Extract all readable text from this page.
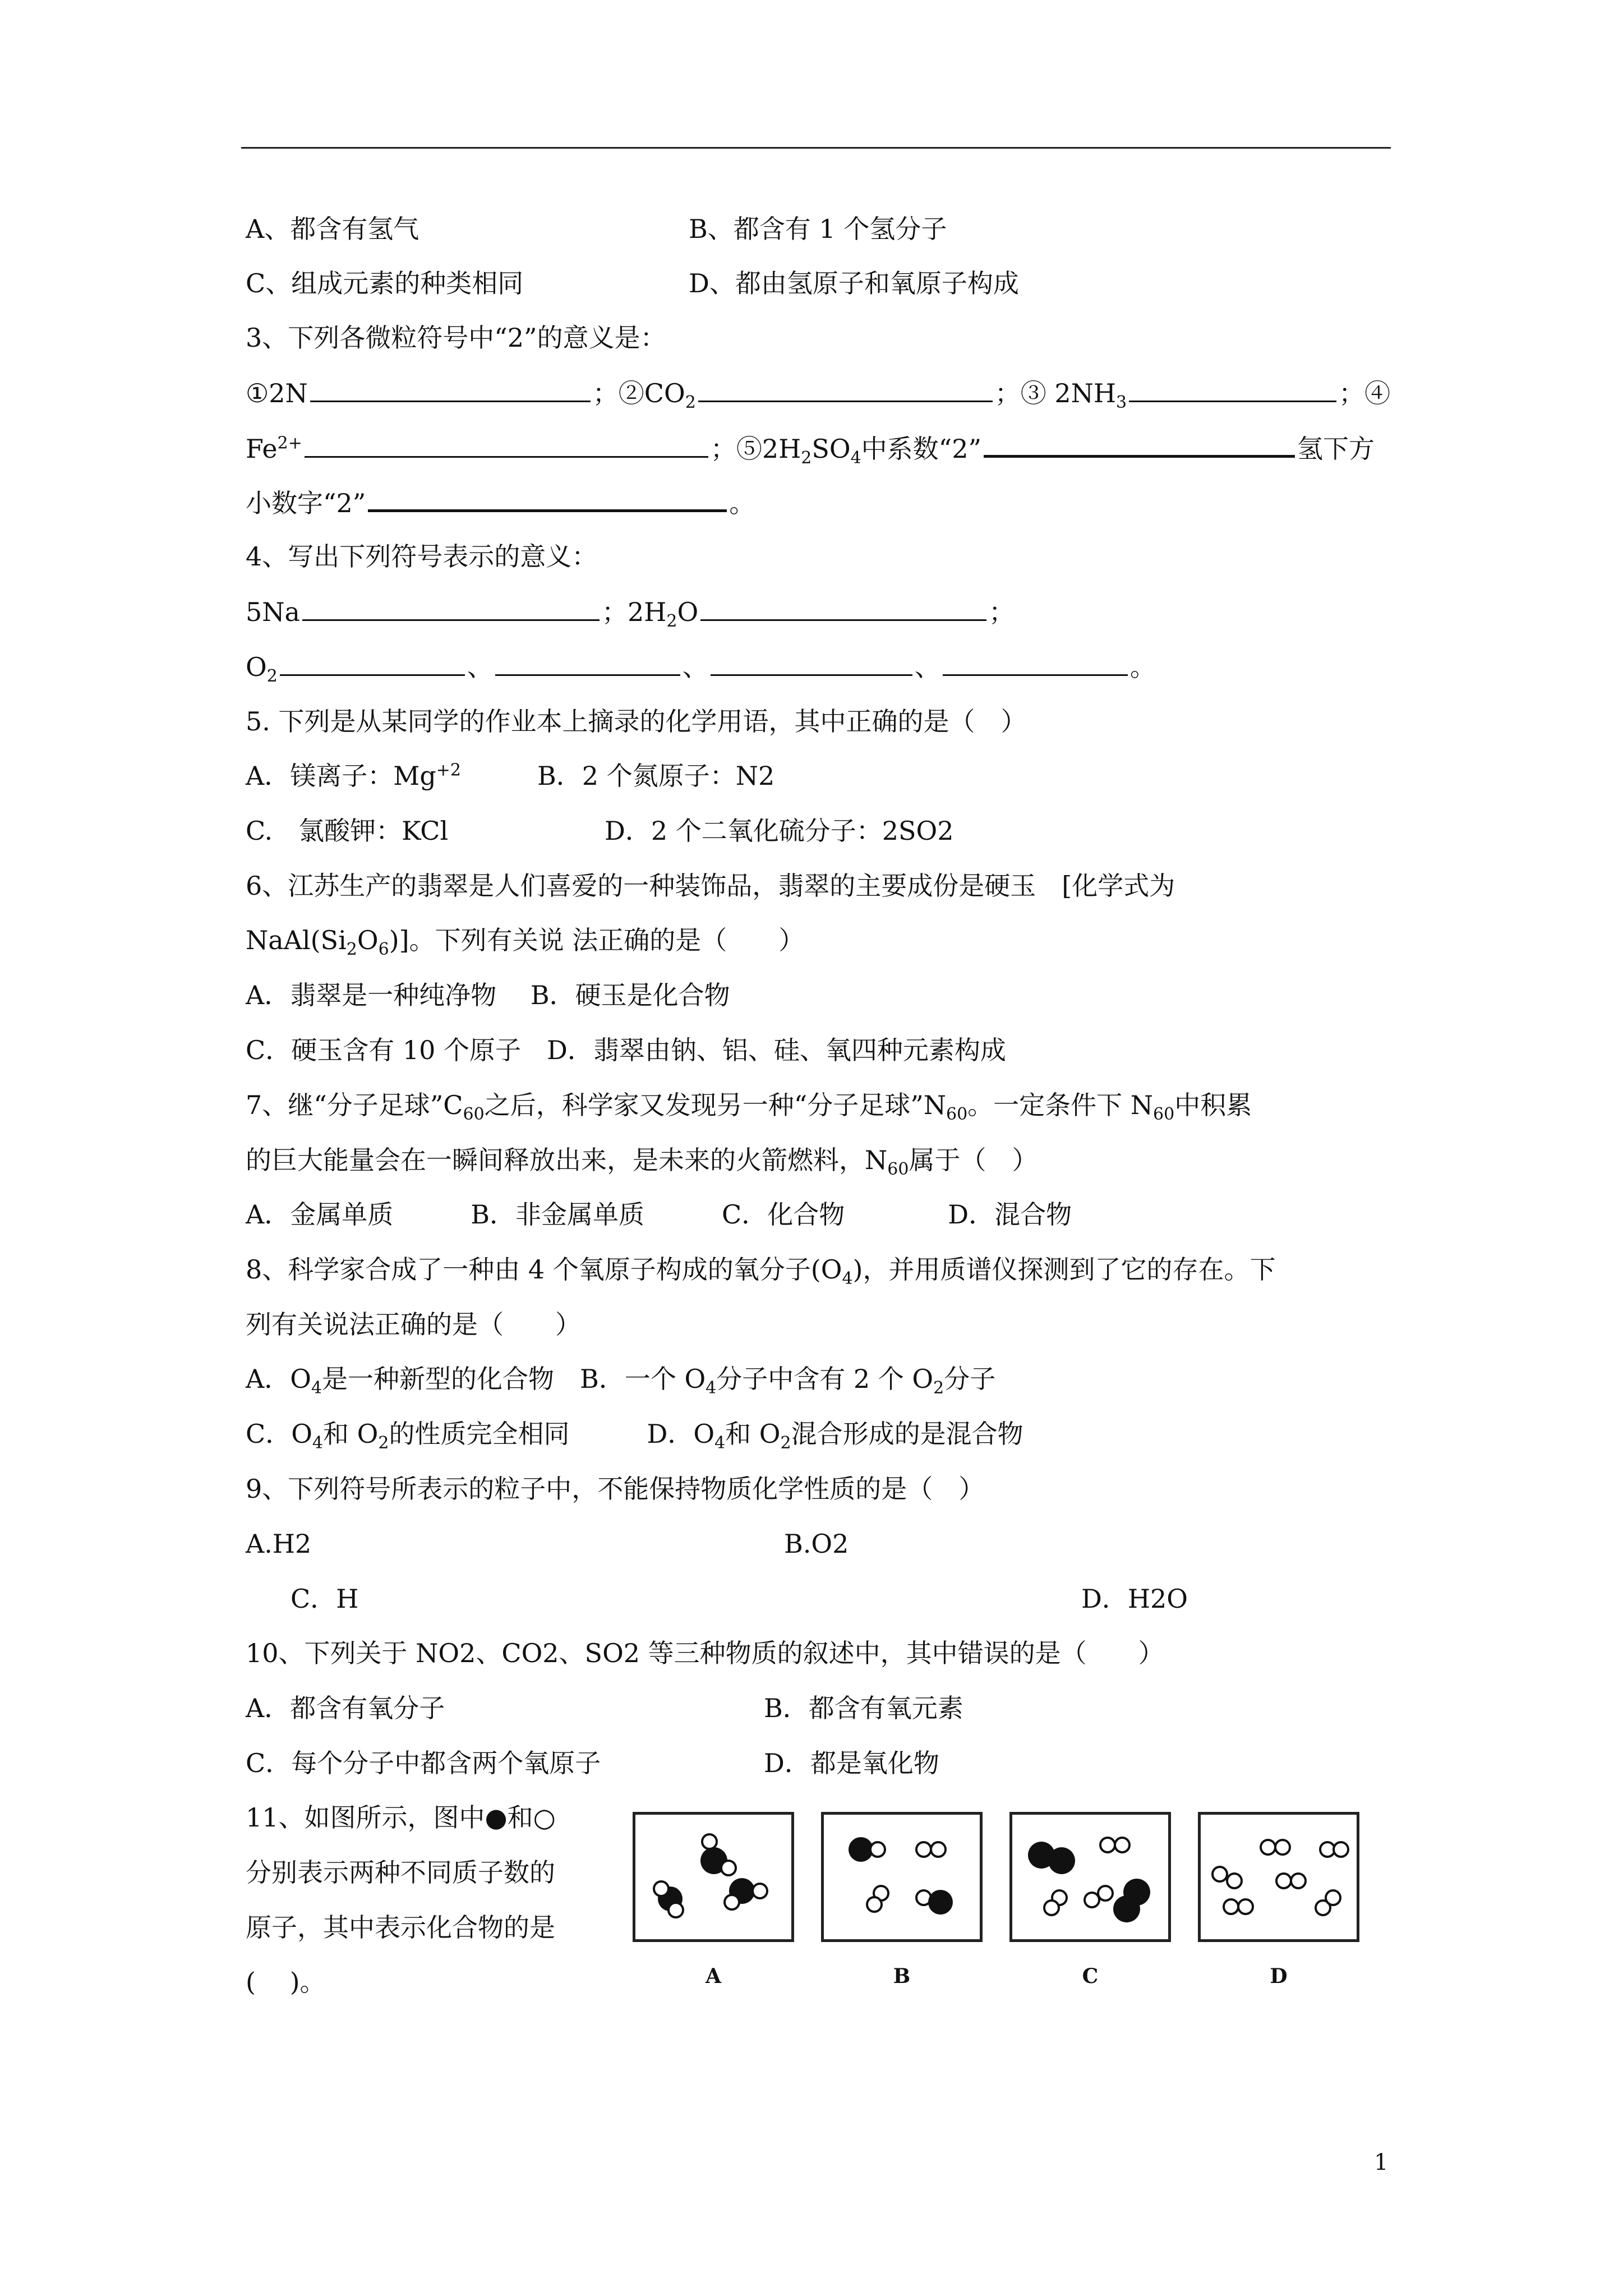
A、都含有氢气	B、都含有 1 个氢分子
C、组成元素的种类相同	D、都由氢原子和氧原子构成
3、下列各微粒符号中“2”的意义是：
①2N	；$②CO_2$	；③ $2NH_3$	；④
$Fe^{2+}$	；$⑤2H_2SO_4$中系数“2”	氢下方
小数字“2”	。
4、写出下列符号表示的意义：
5Na	；$2H_2O$	；
$O_2$	、	、	、	。
5. 下列是从某同学的作业本上摘录的化学用语，其中正确的是（　）
A．镁离子：$Mg^{+2}$	B．2 个氮原子：N2
C.　氯酸钾：KCl	D．2 个二氧化硫分子：2SO2
6、江苏生产的翡翠是人们喜爱的一种装饰品，翡翠的主要成份是硬玉　[化学式为
$NaAl(Si_2O_6)$]。下列有关说 法正确的是（　　）
A．翡翠是一种纯净物　 B．硬玉是化合物
C．硬玉含有 10 个原子　D．翡翠由钠、铝、硅、氧四种元素构成
7、继“分子足球$”C_{60}$之后，科学家又发现另一种“分子足球$”N_{60}$。一定条件下 $N_{60}$中积累
的巨大能量会在一瞬间释放出来，是未来的火箭燃料，$N_{60}$属于（　）
A．金属单质　　　B．非金属单质　　　C．化合物　　　　D．混合物
8、科学家合成了一种由 4 个氧原子构成的氧分子$(O_4)$，并用质谱仪探测到了它的存在。下
列有关说法正确的是（　　）
A．$O_4$是一种新型的化合物　B．一个 $O_4$分子中含有 2 个 $O_2$分子
C．$O_4$和 $O_2$的性质完全相同　　　D．$O_4$和 $O_2$混合形成的是混合物
9、下列符号所表示的粒子中，不能保持物质化学性质的是（　）
A.H2	B.O2
C．H	D．H2O
10、下列关于 NO2、CO2、SO2 等三种物质的叙述中，其中错误的是（　　）
A．都含有氧分子	B．都含有氧元素
C．每个分子中都含两个氧原子	D．都是氧化物
11、如图所示，图中●和○
分别表示两种不同质子数的
原子，其中表示化合物的是
(　 )。	A	B	C	D
1
